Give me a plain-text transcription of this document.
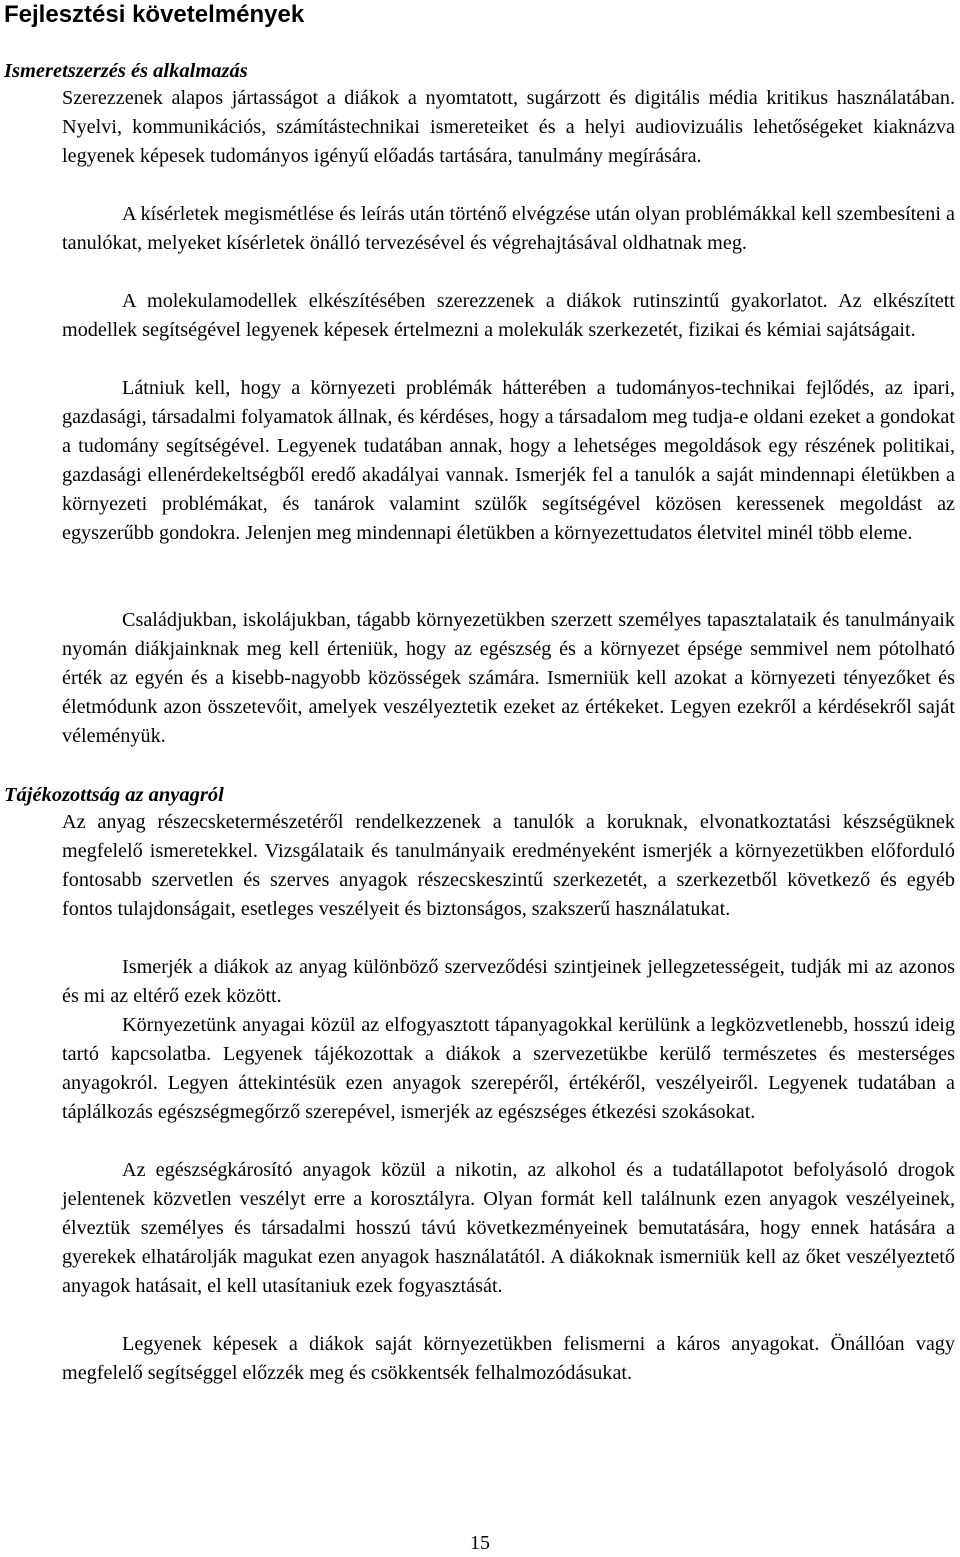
Fejlesztési követelmények
Ismeretszerzés és alkalmazás

Szerezzenek alapos jártasságot a diákok a nyomtatott, sugárzott és digitális média kritikus használatában. Nyelvi, kommunikációs, számítástechnikai ismereteiket és a helyi audiovizuális lehetőségeket kiaknázva legyenek képesek tudományos igényű előadás tartására, tanulmány megírására.

A kísérletek megismétlése és leírás után történő elvégzése után olyan problémákkal kell szembesíteni a tanulókat, melyeket kísérletek önálló tervezésével és végrehajtásával oldhatnak meg.

A molekulamodellek elkészítésében szerezzenek a diákok rutinszintű gyakorlatot. Az elkészített modellek segítségével legyenek képesek értelmezni a molekulák szerkezetét, fizikai és kémiai sajátságait.

Látniuk kell, hogy a környezeti problémák hátterében a tudományos-technikai fejlődés, az ipari, gazdasági, társadalmi folyamatok állnak, és kérdéses, hogy a társadalom meg tudja-e oldani ezeket a gondokat a tudomány segítségével. Legyenek tudatában annak, hogy a lehetséges megoldások egy részének politikai, gazdasági ellenérdekeltségből eredő akadályai vannak. Ismerjék fel a tanulók a saját mindennapi életükben a környezeti problémákat, és tanárok valamint szülők segítségével közösen keressenek megoldást az egyszerűbb gondokra. Jelenjen meg mindennapi életükben a környezettudatos életvitel minél több eleme.

Családjukban, iskolájukban, tágabb környezetükben szerzett személyes tapasztalataik és tanulmányaik nyomán diákjainknak meg kell érteniük, hogy az egészség és a környezet épsége semmivel nem pótolható érték az egyén és a kisebb-nagyobb közösségek számára. Ismerniük kell azokat a környezeti tényezőket és életmódunk azon összetevőit, amelyek veszélyeztetik ezeket az értékeket. Legyen ezekről a kérdésekről saját véleményük.

Tájékozottság az anyagról

Az anyag részecsketermészetéről rendelkezzenek a tanulók a koruknak, elvonatkoztatási készségüknek megfelelő ismeretekkel. Vizsgálataik és tanulmányaik eredményeként ismerjék a környezetükben előforduló fontosabb szervetlen és szerves anyagok részecskeszintű szerkezetét, a szerkezetből következő és egyéb fontos tulajdonságait, esetleges veszélyeit és biztonságos, szakszerű használatukat.

Ismerjék a diákok az anyag különböző szerveződési szintjeinek jellegzetességeit, tudják mi az azonos és mi az eltérő ezek között.

Környezetünk anyagai közül az elfogyasztott tápanyagokkal kerülünk a legközvetlenebb, hosszú ideig tartó kapcsolatba. Legyenek tájékozottak a diákok a szervezetükbe kerülő természetes és mesterséges anyagokról. Legyen áttekintésük ezen anyagok szerepéről, értékéről, veszélyeiről. Legyenek tudatában a táplálkozás egészségmegőrző szerepével, ismerjék az egészséges étkezési szokásokat.

Az egészségkárosító anyagok közül a nikotin, az alkohol és a tudatállapotot befolyásoló drogok jelentenek közvetlen veszélyt erre a korosztályra. Olyan formát kell találnunk ezen anyagok veszélyeinek, élveztük személyes és társadalmi hosszú távú következményeinek bemutatására, hogy ennek hatására a gyerekek elhatárolják magukat ezen anyagok használatától. A diákoknak ismerniük kell az őket veszélyeztető anyagok hatásait, el kell utasítaniuk ezek fogyasztását.

Legyenek képesek a diákok saját környezetükben felismerni a káros anyagokat. Önállóan vagy megfelelő segítséggel előzzék meg és csökkentsék felhalmozódásukat.

15
